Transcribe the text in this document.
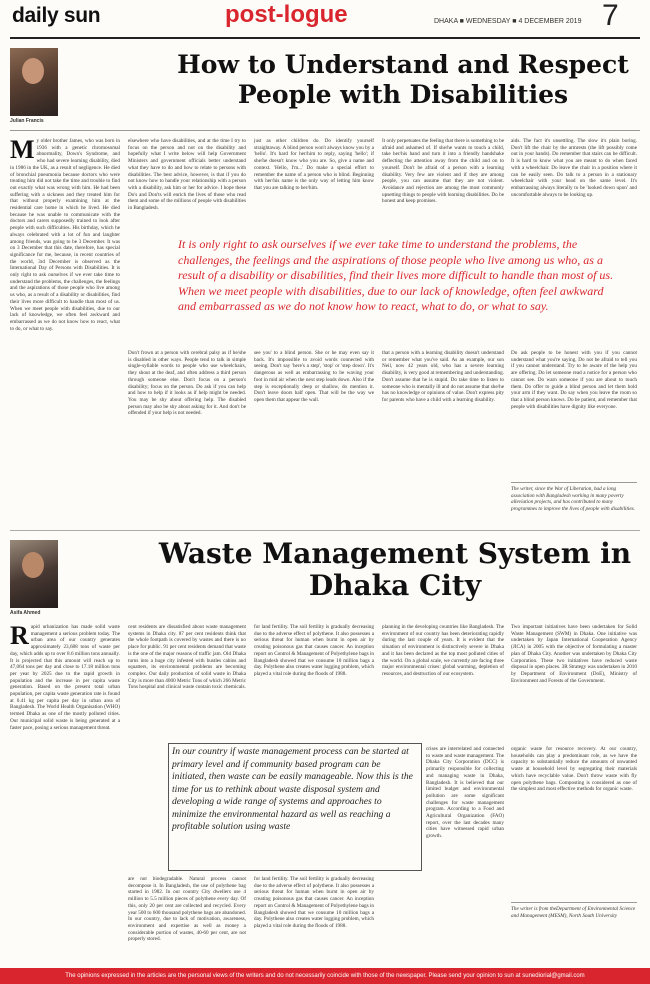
daily sun	post-logue	DHAKA ■ WEDNESDAY ■ 4 DECEMBER 2019 7
Julian Francis
How to Understand and Respect People with Disabilities

My older brother James, who was born in 1936 with a genetic chromosomal abnormality, Down's Syndrome, and who had severe learning disability, died in 1986 in the UK, as a result of negligence. He died of bronchial pneumonia because doctors who were treating him did not take the time and trouble to find out exactly what was wrong with him. He had been suffering with a sickness and they treated him for that without properly examining him at the residential care home in which he lived. He died because he was unable to communicate with the doctors and carers supposedly trained to look after people with such difficulties. His birthday, which he always celebrated with a lot of fun and laughter among friends, was going to be 3 December. It was on 3 December that this date, therefore, has special significance for me, because, in recent countries of the world, 3rd December is observed as the International Day of Persons with Disabilities. It is only right to ask ourselves if we ever take time to understand the problems, the challenges, the feelings and the aspirations of those people who live among us who, as a result of a disability or disabilities, find their lives more difficult to handle than most of us. When we meet people with disabilities, due to our lack of knowledge, we often feel awkward and embarrassed as we do not know how to react, what to do, or what to say.

elsewhere who have disabilities, and at the time I try to focus on the person and not on the disability and hopefully what I write below will help Government Ministers and government officials better understand what they have to do and how to relate to persons with disabilities. The best advice, however, is that if you do not know how to handle your relationship with a person with a disability, ask him or her for advice. I hope these Do's and Don'ts will enrich the lives of those who read them and some of the millions of people with disabilities in Bangladesh.

just as other children do. Do identify yourself straightaway. A blind person won't always know you by a 'hello'. It's hard for her/him to reply, saying 'hello'; if she/he doesn't know who you are. So, give a name and context. 'Hello, I'm...' Do make a special effort to remember the name of a person who is blind. Beginning with her/his name is the only way of letting him know that you are talking to her/him.

It only perpetuates the feeling that there is something to be afraid and ashamed of. If she/he wants to touch a child, take her/his hand and turn it into a friendly handshake deflecting the attention away from the child and on to yourself. Don't be afraid of a person with a learning disability. Very few are violent and if they are among people, you can assume that they are not violent. Avoidance and rejection are among the most commonly upsetting things to people with learning disabilities. Do be honest and keep promises.

aids. The fact it's unsettling. The slow it's plain boring. Don't lift the chair by the armrests (the lift possibly come out in your hands). Do remember that stairs can be difficult. It is hard to know what you are meant to do when faced with a wheelchair. Do leave the chair in a position where it can be easily seen. Do talk to a person in a stationary wheelchair with your head on the same level. It's embarrassing always literally to be 'looked down upon' and uncomfortable always to be looking up.

It is only right to ask ourselves if we ever take time to understand the problems, the challenges, the feelings and the aspirations of those people who live among us who, as a result of a disability or disabilities, find their lives more difficult to handle than most of us. When we meet people with disabilities, due to our lack of knowledge, often feel awkward and embarrassed as we do not know how to react, what to do, or what to say.

Don't frown at a person with cerebral palsy as if he/she is disabled in other ways. People tend to talk in simple single-syllable words to people who use wheelchairs, they shout at the deaf, and often address a third person through someone else. Don't focus on a person's disability; focus on the person. Do ask if you can help and how to help if it looks as if help might be needed. You may be shy about offering help. The disabled person may also be shy about asking for it. And don't be offended if your help is not needed.

see you' to a blind person. She or he may even say it back. It's impossible to avoid words connected with seeing. Don't say 'here's a step', 'stop' or 'step down'. It's dangerous as well as embarrassing to be waving your foot in mid air when the next step leads down. Also if the step is exceptionally deep or shallow, do mention it. Don't leave doors half open. That will be the way we open them that appear the wall.

that a person with a learning disability doesn't understand or remember what you've said. As an example, our son Neil, now 42 years old, who has a severe learning disability, is very good at remembering and understanding. Don't assume that he is stupid. Do take time to listen to someone who is mentally ill and do not assume that she/he has no knowledge or opinions of value. Don't express pity for parents who have a child with a learning disability.

Do ask people to be honest with you if you cannot understand what you're saying. Do not be afraid to tell you if you cannot understand. Try to be aware of the help you are offering. Do let someone read a notice for a person who cannot see. Do warn someone if you are about to touch them. Do offer to guide a blind person and let them hold your arm if they want. Do say when you leave the room so that a blind person knows. Do be patient, and remember that people with disabilities have dignity like everyone.

The writer, since the War of Liberation, had a long association with Bangladesh working in many poverty alleviation projects, and has contributed to many programmes to improve the lives of people with disabilities.

Asifa Ahmed
Waste Management System in Dhaka City

Rapid urbanization has made solid waste management a serious problem today. The urban area of our country generates approximately 23,688 tons of waste per day, which adds up to over 8.6 million tons annually. It is projected that this amount will reach up to 47,064 tons per day and close to 17.18 million tons per year by 2025 due to the rapid growth in population and the increase in per capita waste generation. Based on the present total urban population, per capita waste generation rate is found at 0.41 kg per capita per day in urban area of Bangladesh. The World Health Organisation (WHO) termed Dhaka as one of the mostly polluted cities. Our municipal solid waste is being generated at a faster pace, posing a serious management threat.

cent residents are dissatisfied about waste management systems in Dhaka city. 87 per cent residents think that the whole footpath is covered by wastes and there is no place for public. 91 per cent residents demand that waste is the one of the major reasons of traffic jam. Old Dhaka turns into a huge city infested with bustles cabins and squatters, its environmental problems are becoming complex. Our daily production of solid waste in Dhaka City is more than 4000 Metric Tons of which 266 Metric Tons hospital and clinical waste contain toxic chemicals.

for land fertility. The soil fertility is gradually decreasing due to the adverse effect of polythene. It also possesses a serious threat for human when burnt in open air by creating poisonous gas that causes cancer. An inception report on Control & Management of Polyethylene bags in Bangladesh showed that we consume 10 million bags a day. Polythene also creates water logging problem, which played a vital role during the floods of 1988.

planning in the developing countries like Bangladesh. The environment of our country has been deteriorating rapidly during the last couple of years. It is evident that the situation of environment is distinctively severe in Dhaka and it has been declared as the top most polluted cities of the world. On a global scale, we currently are facing three major environmental crises: global warming, depletion of resources, and destruction of our ecosystem.

Two important initiatives have been undertaken for Solid Waste Management (SWM) in Dhaka. One initiative was undertaken by Japan International Cooperation Agency (JICA) in 2005 with the objective of formulating a master plan of Dhaka City. Another was undertaken by Dhaka City Corporation. These two initiatives have reduced waste disposal in open places. 3R Strategy was undertaken in 2010 by Department of Environment (DoE), Ministry of Environment and Forests of the Government.

In our country if waste management process can be started at primary level and if community based program can be initiated, then waste can be easily manageable. Now this is the time for us to rethink about waste disposal system and developing a wide range of systems and approaches to minimize the environmental hazard as well as reaching a profitable solution using waste

are not biodegradable. Natural process cannot decompose it. In Bangladesh, the use of polythene bag started in 1982. In our country City dwellers use 4 million to 5.5 million pieces of polythene every day. Of this, only 20 per cent are collected and recycled. Every year 500 to 600 thousand polythene bags are abandoned. In our country, due to lack of motivation, awareness, environment and expertise as well as money a considerable portion of wastes, 40-60 per cent, are not properly stored.

for land fertility. The soil fertility is gradually decreasing due to the adverse effect of polythene. It also possesses a serious threat for human when burnt in open air by creating poisonous gas that causes cancer. An inception report on Control & Management of Polyethylene bags in Bangladesh showed that we consume 10 million bags a day. Polythene also creates water logging problem, which played a vital role during the floods of 1988.

crises are interrelated and connected to waste and waste management. The Dhaka City Corporation (DCC) is primarily responsible for collecting and managing waste in Dhaka, Bangladesh. It is believed that our limited budget and environmental pollution are some significant challenges for waste management program. According to a Food and Agricultural Organization (FAO) report, over the last decades many cities have witnessed rapid urban growth.

organic waste for resource recovery. At our country, households can play a predominant role, as we have the capacity to substantially reduce the amounts of unwanted waste at household level by segregating their materials which have recyclable value. Don't throw waste with fly open polythene bags. Composting is considered as one of the simplest and most effective methods for organic waste.

The writer is from theDepartment of Environmental Science and Management (MESM), North South University

The opinions expressed in the articles are the personal views of the writers and do not necessarily coincide with those of the newspaper. Please send your opinion to sun at sunediorial@gmail.com
